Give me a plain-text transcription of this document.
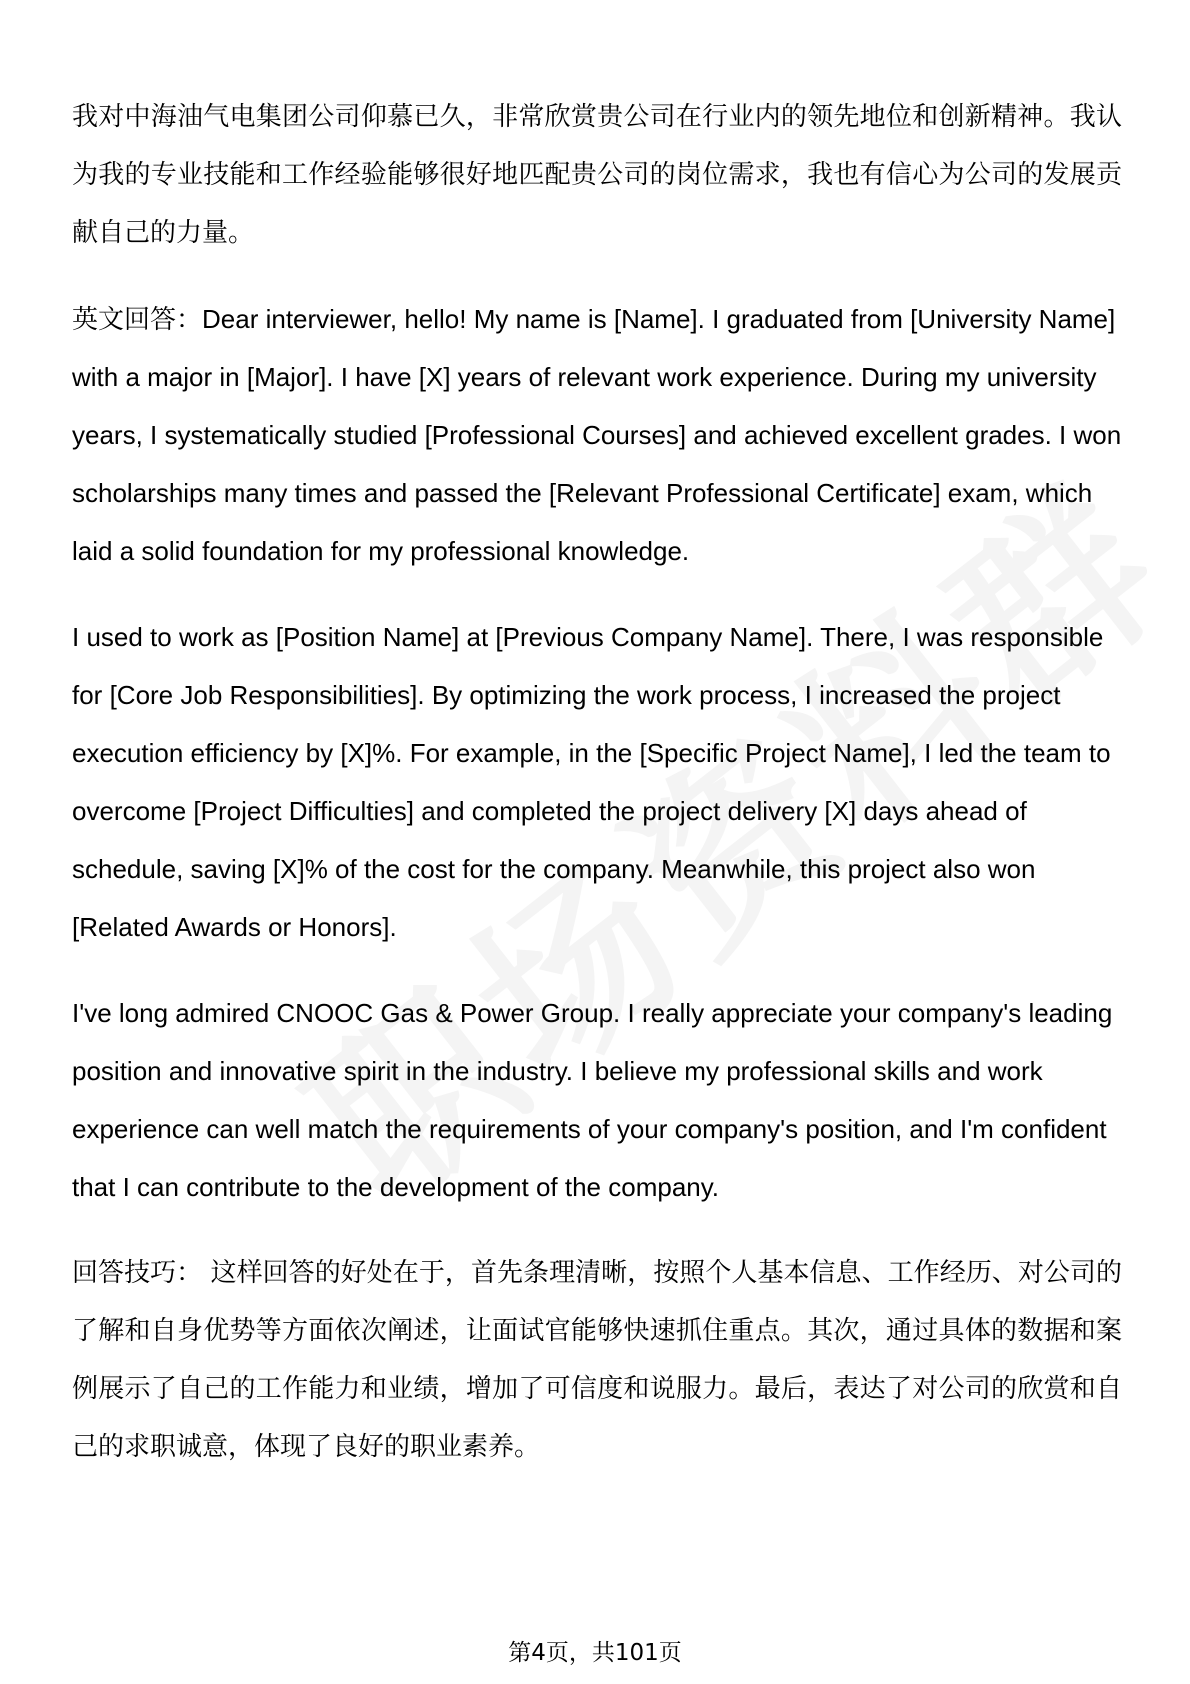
我对中海油气电集团公司仰慕已久，非常欣赏贵公司在行业内的领先地位和创新精神。我认为我的专业技能和工作经验能够很好地匹配贵公司的岗位需求，我也有信心为公司的发展贡献自己的力量。

英文回答：Dear interviewer, hello! My name is [Name]. I graduated from [University Name] with a major in [Major]. I have [X] years of relevant work experience. During my university years, I systematically studied [Professional Courses] and achieved excellent grades. I won scholarships many times and passed the [Relevant Professional Certificate] exam, which laid a solid foundation for my professional knowledge.

I used to work as [Position Name] at [Previous Company Name]. There, I was responsible for [Core Job Responsibilities]. By optimizing the work process, I increased the project execution efficiency by [X]%. For example, in the [Specific Project Name], I led the team to overcome [Project Difficulties] and completed the project delivery [X] days ahead of schedule, saving [X]% of the cost for the company. Meanwhile, this project also won [Related Awards or Honors].

I've long admired CNOOC Gas & Power Group. I really appreciate your company's leading position and innovative spirit in the industry. I believe my professional skills and work experience can well match the requirements of your company's position, and I'm confident that I can contribute to the development of the company.

回答技巧： 这样回答的好处在于，首先条理清晰，按照个人基本信息、工作经历、对公司的了解和自身优势等方面依次阐述，让面试官能够快速抓住重点。其次，通过具体的数据和案例展示了自己的工作能力和业绩，增加了可信度和说服力。最后，表达了对公司的欣赏和自己的求职诚意，体现了良好的职业素养。

第4页，共101页
